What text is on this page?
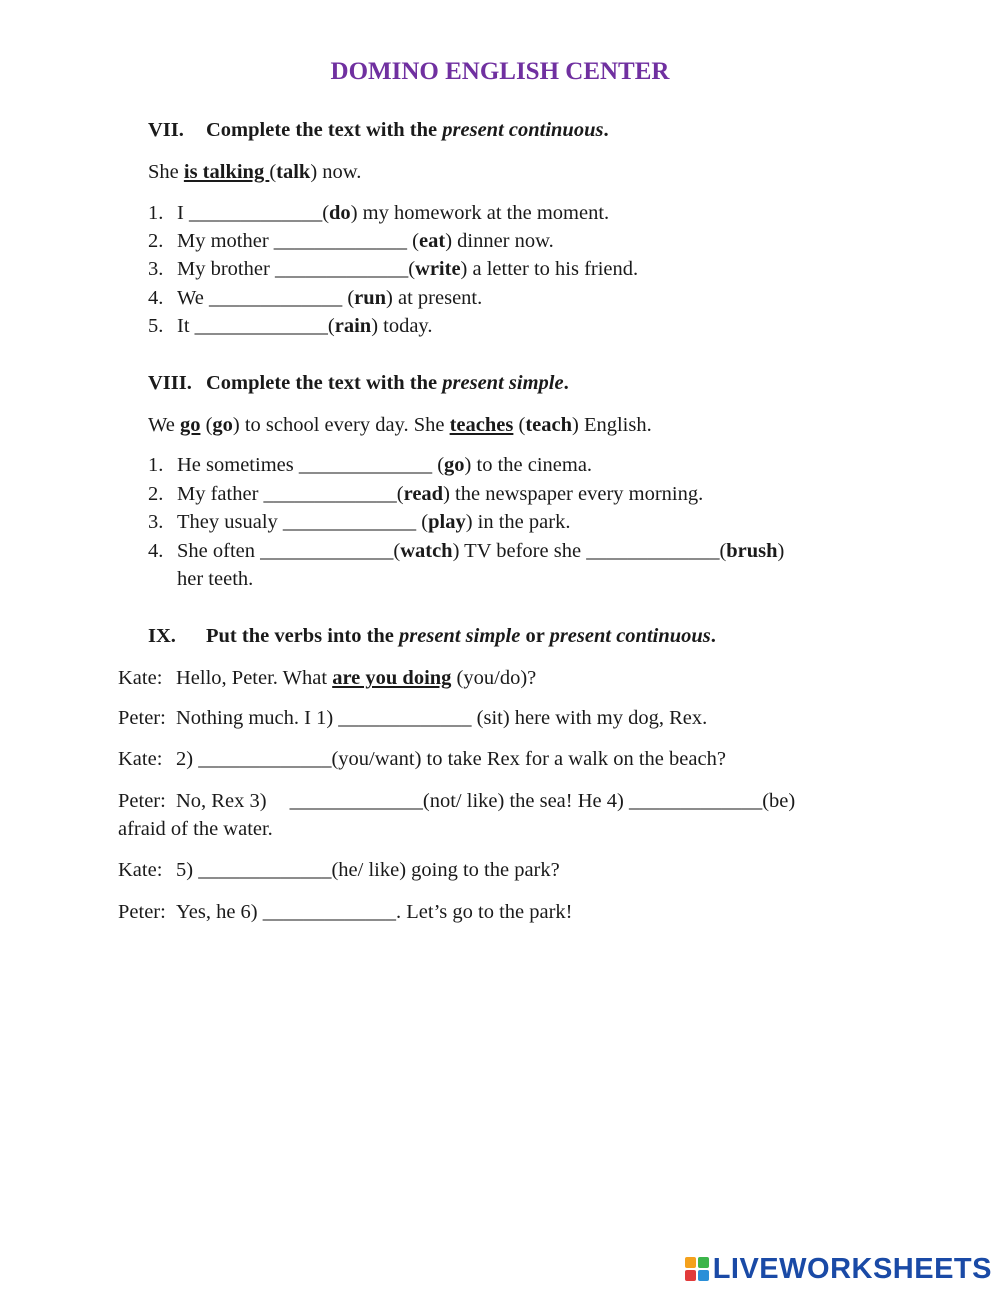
DOMINO ENGLISH CENTER
VII. Complete the text with the present continuous.
She is talking (talk) now.
1. I _____________(do) my homework at the moment.
2. My mother _____________ (eat) dinner now.
3. My brother _____________(write) a letter to his friend.
4. We _____________ (run) at present.
5. It _____________(rain) today.
VIII. Complete the text with the present simple.
We go (go) to school every day. She teaches (teach) English.
1. He sometimes _____________ (go) to the cinema.
2. My father _____________(read) the newspaper every morning.
3. They usualy _____________ (play) in the park.
4. She often _____________(watch) TV before she _____________(brush)
her teeth.
IX. Put the verbs into the present simple or present continuous.
Kate: Hello, Peter. What are you doing (you/do)?
Peter: Nothing much. I 1) _____________ (sit) here with my dog, Rex.
Kate: 2) _____________(you/want) to take Rex for a walk on the beach?
Peter: No, Rex 3) _____________(not/ like) the sea! He 4) _____________(be)
afraid of the water.
Kate: 5) _____________(he/ like) going to the park?
Peter: Yes, he 6) _____________. Let’s go to the park!
LIVEWORKSHEETS
